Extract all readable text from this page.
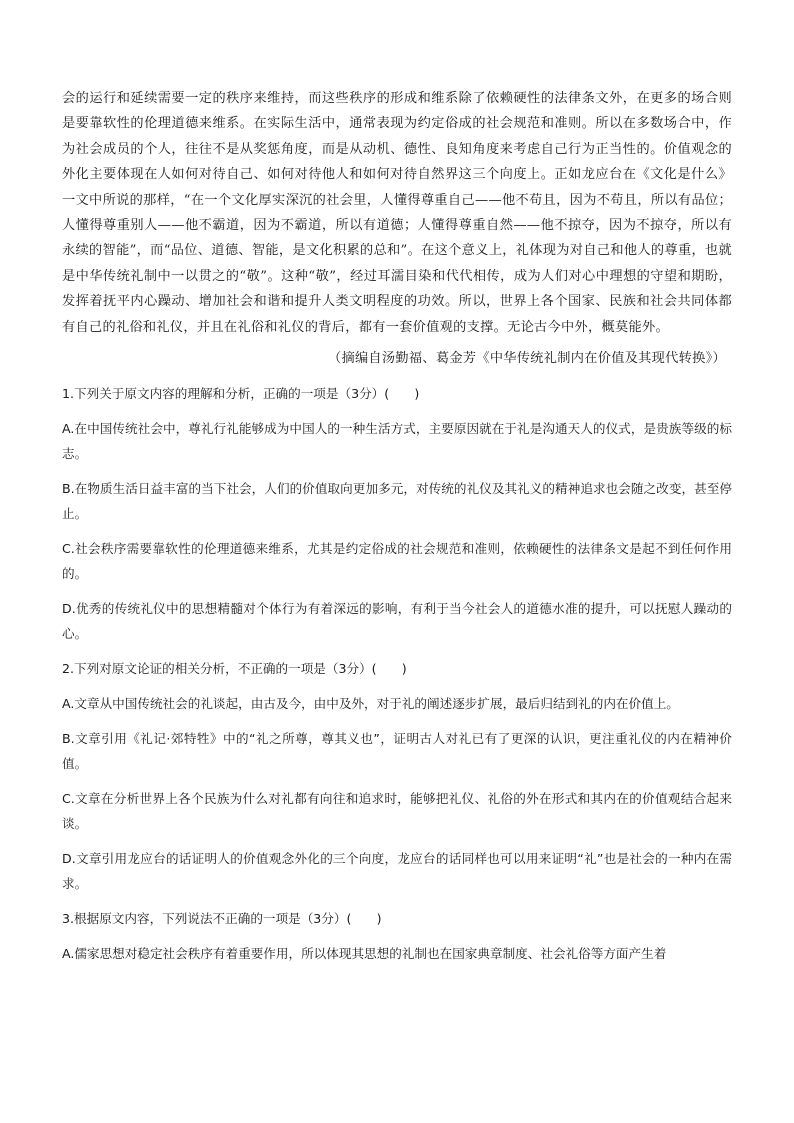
会的运行和延续需要一定的秩序来维持，而这些秩序的形成和维系除了依赖硬性的法律条文外，在更多的场合则是要靠软性的伦理道德来维系。在实际生活中，通常表现为约定俗成的社会规范和准则。所以在多数场合中，作为社会成员的个人，往往不是从奖惩角度，而是从动机、德性、良知角度来考虑自己行为正当性的。价值观念的外化主要体现在人如何对待自己、如何对待他人和如何对待自然界这三个向度上。正如龙应台在《文化是什么》一文中所说的那样，“在一个文化厚实深沉的社会里，人懂得尊重自己——他不苟且，因为不苟且，所以有品位；人懂得尊重别人——他不霸道，因为不霸道，所以有道德；人懂得尊重自然——他不掠夺，因为不掠夺，所以有永续的智能”，而“品位、道德、智能，是文化积累的总和”。在这个意义上，礼体现为对自己和他人的尊重，也就是中华传统礼制中一以贯之的“敬”。这种“敬”，经过耳濡目染和代代相传，成为人们对心中理想的守望和期盼，发挥着抚平内心躁动、增加社会和谐和提升人类文明程度的功效。所以，世界上各个国家、民族和社会共同体都有自己的礼俗和礼仪，并且在礼俗和礼仪的背后，都有一套价值观的支撑。无论古今中外，概莫能外。

（摘编自汤勤福、葛金芳《中华传统礼制内在价值及其现代转换》）

1.下列关于原文内容的理解和分析，正确的一项是（3分）(　　)

A.在中国传统社会中，尊礼行礼能够成为中国人的一种生活方式，主要原因就在于礼是沟通天人的仪式，是贵族等级的标志。

B.在物质生活日益丰富的当下社会，人们的价值取向更加多元，对传统的礼仪及其礼义的精神追求也会随之改变，甚至停止。

C.社会秩序需要靠软性的伦理道德来维系，尤其是约定俗成的社会规范和准则，依赖硬性的法律条文是起不到任何作用的。

D.优秀的传统礼仪中的思想精髓对个体行为有着深远的影响，有利于当今社会人的道德水准的提升，可以抚慰人躁动的心。

2.下列对原文论证的相关分析，不正确的一项是（3分）(　　)

A.文章从中国传统社会的礼谈起，由古及今，由中及外，对于礼的阐述逐步扩展，最后归结到礼的内在价值上。

B.文章引用《礼记·郊特牲》中的“礼之所尊，尊其义也”，证明古人对礼已有了更深的认识，更注重礼仪的内在精神价值。

C.文章在分析世界上各个民族为什么对礼都有向往和追求时，能够把礼仪、礼俗的外在形式和其内在的价值观结合起来谈。

D.文章引用龙应台的话证明人的价值观念外化的三个向度，龙应台的话同样也可以用来证明“礼”也是社会的一种内在需求。

3.根据原文内容，下列说法不正确的一项是（3分）(　　)

A.儒家思想对稳定社会秩序有着重要作用，所以体现其思想的礼制也在国家典章制度、社会礼俗等方面产生着
